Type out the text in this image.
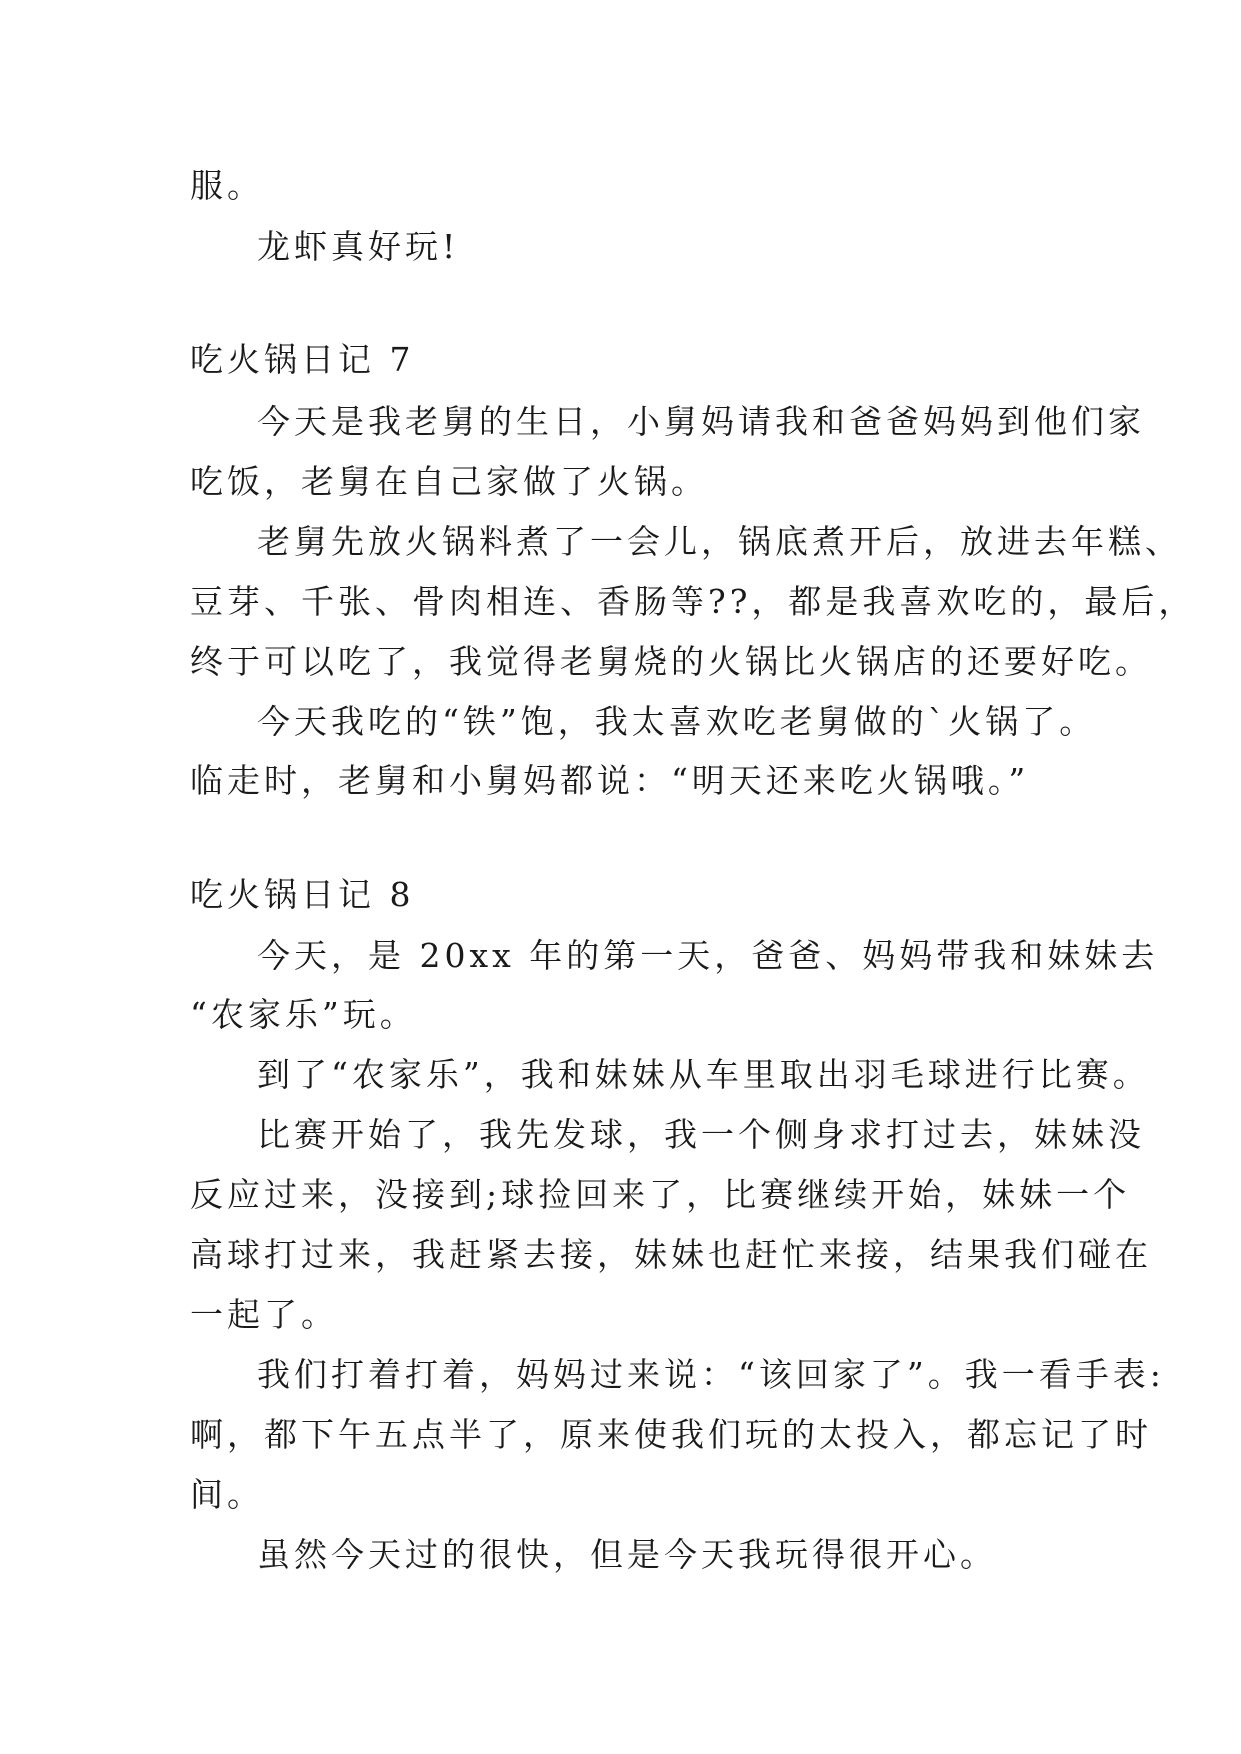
服。
龙虾真好玩!
吃火锅日记 7
今天是我老舅的生日，小舅妈请我和爸爸妈妈到他们家
吃饭，老舅在自己家做了火锅。
老舅先放火锅料煮了一会儿，锅底煮开后，放进去年糕、
豆芽、千张、骨肉相连、香肠等??，都是我喜欢吃的，最后，
终于可以吃了，我觉得老舅烧的火锅比火锅店的还要好吃。
今天我吃的“铁”饱，我太喜欢吃老舅做的`火锅了。
临走时，老舅和小舅妈都说：“明天还来吃火锅哦。”
吃火锅日记 8
今天，是 20xx 年的第一天，爸爸、妈妈带我和妹妹去
“农家乐”玩。
到了“农家乐”，我和妹妹从车里取出羽毛球进行比赛。
比赛开始了，我先发球，我一个侧身求打过去，妹妹没
反应过来，没接到;球捡回来了，比赛继续开始，妹妹一个
高球打过来，我赶紧去接，妹妹也赶忙来接，结果我们碰在
一起了。
我们打着打着，妈妈过来说：“该回家了”。我一看手表:
啊，都下午五点半了，原来使我们玩的太投入，都忘记了时
间。
虽然今天过的很快，但是今天我玩得很开心。
